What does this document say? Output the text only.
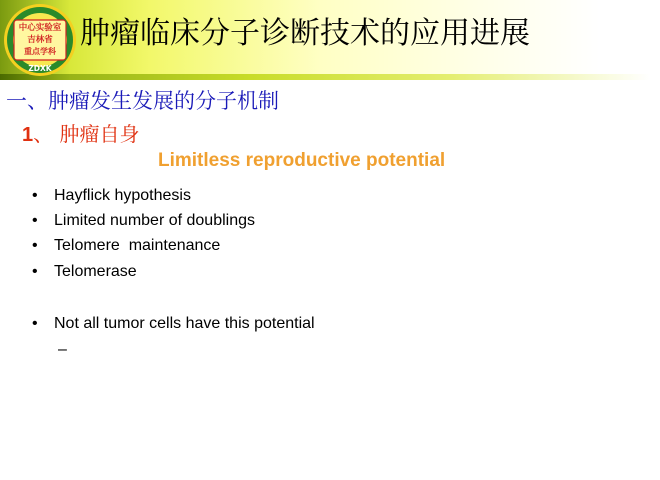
中心实验室
吉林省
重点学科
ZDXK
肿瘤临床分子诊断技术的应用进展
一、肿瘤发生发展的分子机制
1、 肿瘤自身
Limitless reproductive potential
• Hayflick hypothesis
• Limited number of doublings
• Telomere  maintenance
• Telomerase
• Not all tumor cells have this potential
–
